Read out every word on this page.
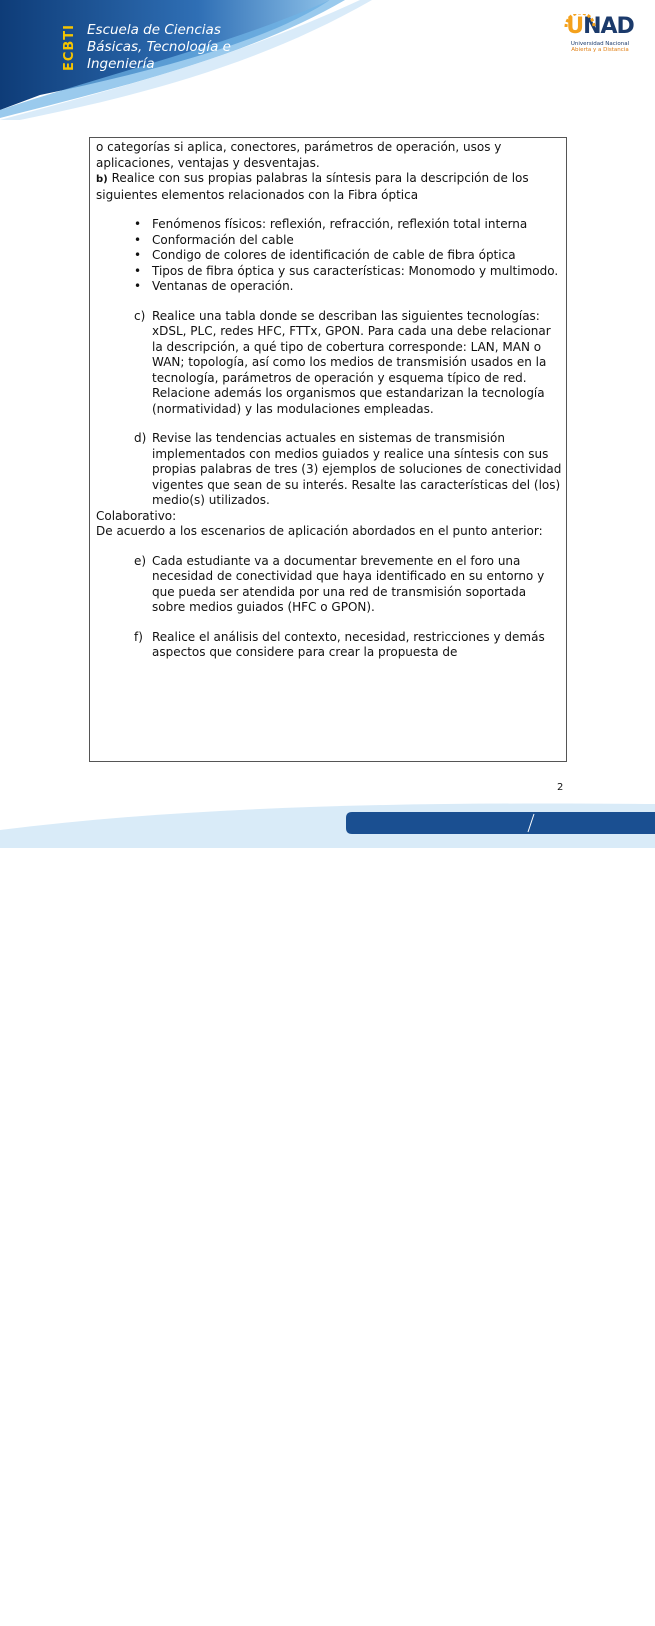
ECBTI Escuela de Ciencias
Básicas, Tecnología e
Ingeniería
UNAD
Universidad Nacional
Abierta y a Distancia

o categorías si aplica, conectores, parámetros de operación, usos y aplicaciones, ventajas y desventajas.

b) Realice con sus propias palabras la síntesis para la descripción de los siguientes elementos relacionados con la Fibra óptica

• Fenómenos físicos: reflexión, refracción, reflexión total interna
• Conformación del cable
• Condigo de colores de identificación de cable de fibra óptica
• Tipos de fibra óptica y sus características: Monomodo y multimodo.
• Ventanas de operación.
c) Realice una tabla donde se describan las siguientes tecnologías: xDSL, PLC, redes HFC, FTTx, GPON. Para cada una debe relacionar la descripción, a qué tipo de cobertura corresponde: LAN, MAN o WAN; topología, así como los medios de transmisión usados en la tecnología, parámetros de operación y esquema típico de red.

Relacione además los organismos que estandarizan la tecnología (normatividad) y las modulaciones empleadas.

d) Revise las tendencias actuales en sistemas de transmisión implementados con medios guiados y realice una síntesis con sus propias palabras de tres (3) ejemplos de soluciones de conectividad vigentes que sean de su interés. Resalte las características del (los) medio(s) utilizados.

Colaborativo:

De acuerdo a los escenarios de aplicación abordados en el punto anterior:

e) Cada estudiante va a documentar brevemente en el foro una necesidad de conectividad que haya identificado en su entorno y que pueda ser atendida por una red de transmisión soportada sobre medios guiados (HFC o GPON).

f) Realice el análisis del contexto, necesidad, restricciones y demás aspectos que considere para crear la propuesta de

2
Prohibida su reproducción y copia sin autorización de la UNAD.	UNAD © 2020 derechos reservados
